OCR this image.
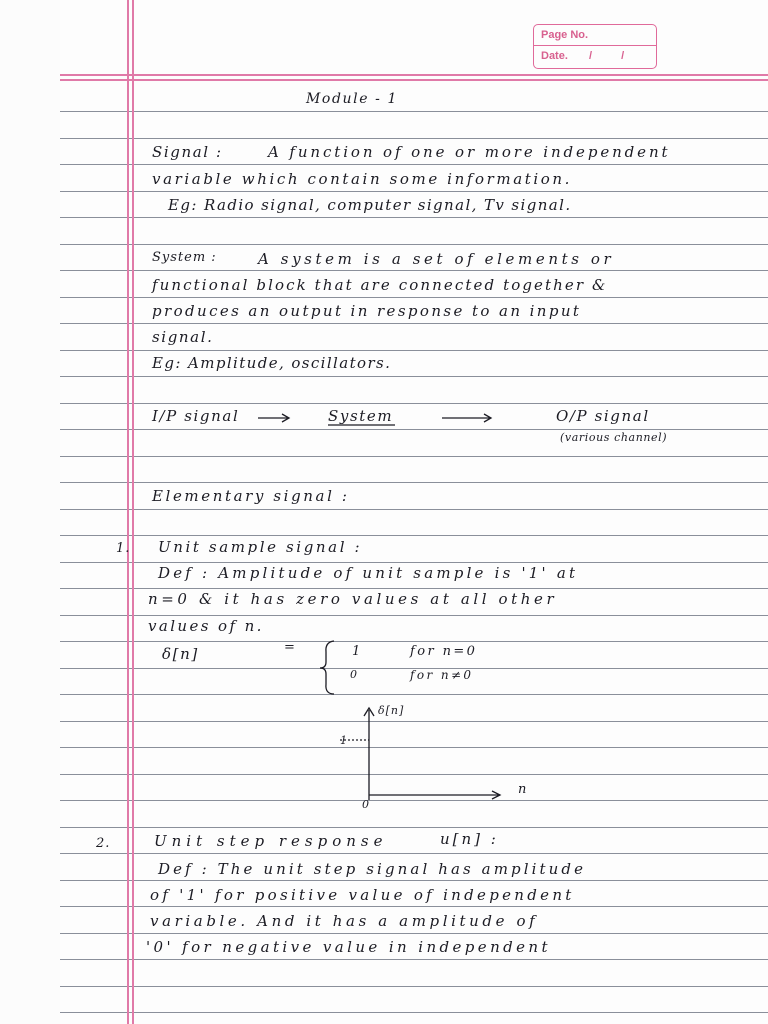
Page No.
Date. /	/
Module - 1
Signal :	A function of one or more independent
variable which contain some information.
Eg: Radio signal, computer signal, Tv signal.
System :	A system is a set of elements or
functional block that are connected together &
produces an output in response to an input
signal.
Eg: Amplitude, oscillators.
I/P signal	System	O/P signal
(various channel)
Elementary signal :
1. Unit sample signal :
Def : Amplitude of unit sample is '1' at
n=0 & it has zero values at all other
values of n.
δ[n]	=	1	for n=0
0	for n≠0
δ[n]
1
0
n
2.	Unit step response	u[n] :
Def : The unit step signal has amplitude
of '1' for positive value of independent
variable. And it has a amplitude of
'0' for negative value in independent
